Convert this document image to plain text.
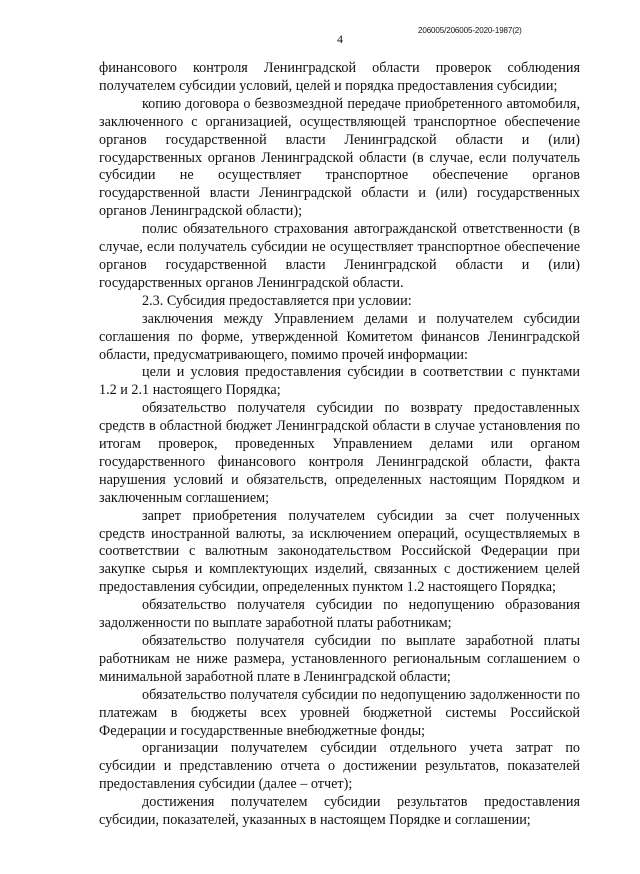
4
206005/206005-2020-1987(2)

финансового контроля Ленинградской области проверок соблюдения получателем субсидии условий, целей и порядка предоставления субсидии;

копию договора о безвозмездной передаче приобретенного автомобиля, заключенного с организацией, осуществляющей транспортное обеспечение органов государственной власти Ленинградской области и (или) государственных органов Ленинградской области (в случае, если получатель субсидии не осуществляет транспортное обеспечение органов государственной власти Ленинградской области и (или) государственных органов Ленинградской области);

полис обязательного страхования автогражданской ответственности (в случае, если получатель субсидии не осуществляет транспортное обеспечение органов государственной власти Ленинградской области и (или) государственных органов Ленинградской области.

2.3. Субсидия предоставляется при условии:

заключения между Управлением делами и получателем субсидии соглашения по форме, утвержденной Комитетом финансов Ленинградской области, предусматривающего, помимо прочей информации:

цели и условия предоставления субсидии в соответствии с пунктами 1.2 и 2.1 настоящего Порядка;

обязательство получателя субсидии по возврату предоставленных средств в областной бюджет Ленинградской области в случае установления по итогам проверок, проведенных Управлением делами или органом государственного финансового контроля Ленинградской области, факта нарушения условий и обязательств, определенных настоящим Порядком и заключенным соглашением;

запрет приобретения получателем субсидии за счет полученных средств иностранной валюты, за исключением операций, осуществляемых в соответствии с валютным законодательством Российской Федерации при закупке сырья и комплектующих изделий, связанных с достижением целей предоставления субсидии, определенных пунктом 1.2 настоящего Порядка;

обязательство получателя субсидии по недопущению образования задолженности по выплате заработной платы работникам;

обязательство получателя субсидии по выплате заработной платы работникам не ниже размера, установленного региональным соглашением о минимальной заработной плате в Ленинградской области;

обязательство получателя субсидии по недопущению задолженности по платежам в бюджеты всех уровней бюджетной системы Российской Федерации и государственные внебюджетные фонды;

организации получателем субсидии отдельного учета затрат по субсидии и представлению отчета о достижении результатов, показателей предоставления субсидии (далее – отчет);

достижения получателем субсидии результатов предоставления субсидии, показателей, указанных в настоящем Порядке и соглашении;
